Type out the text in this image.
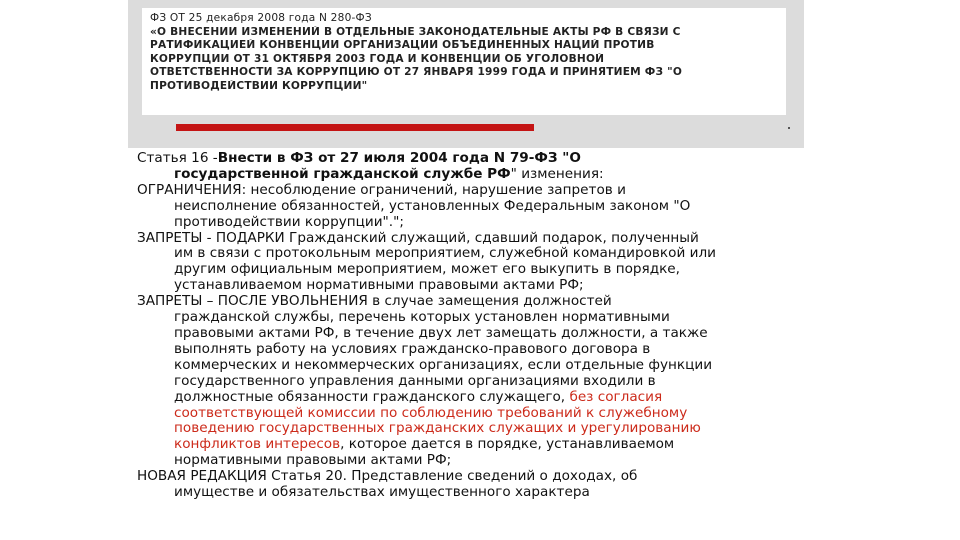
ФЗ ОТ 25 декабря 2008 года N 280-ФЗ
«О ВНЕСЕНИИ ИЗМЕНЕНИЙ В ОТДЕЛЬНЫЕ ЗАКОНОДАТЕЛЬНЫЕ АКТЫ РФ В СВЯЗИ С
РАТИФИКАЦИЕЙ КОНВЕНЦИИ ОРГАНИЗАЦИИ ОБЪЕДИНЕННЫХ НАЦИЙ ПРОТИВ
КОРРУПЦИИ ОТ 31 ОКТЯБРЯ 2003 ГОДА И КОНВЕНЦИИ ОБ УГОЛОВНОЙ
ОТВЕТСТВЕННОСТИ ЗА КОРРУПЦИЮ ОТ 27 ЯНВАРЯ 1999 ГОДА И ПРИНЯТИЕМ ФЗ "О
ПРОТИВОДЕЙСТВИИ КОРРУПЦИИ"
Статья 16 -Внести в ФЗ от 27 июля 2004 года N 79-ФЗ "О
государственной гражданской службе РФ" изменения:
ОГРАНИЧЕНИЯ: несоблюдение ограничений, нарушение запретов и
неисполнение обязанностей, установленных Федеральным законом "О
противодействии коррупции".";
ЗАПРЕТЫ - ПОДАРКИ Гражданский служащий, сдавший подарок, полученный
им в связи с протокольным мероприятием, служебной командировкой или
другим официальным мероприятием, может его выкупить в порядке,
устанавливаемом нормативными правовыми актами РФ;
ЗАПРЕТЫ – ПОСЛЕ УВОЛЬНЕНИЯ в случае замещения должностей
гражданской службы, перечень которых установлен нормативными
правовыми актами РФ, в течение двух лет замещать должности, а также
выполнять работу на условиях гражданско-правового договора в
коммерческих и некоммерческих организациях, если отдельные функции
государственного управления данными организациями входили в
должностные обязанности гражданского служащего, без согласия
соответствующей комиссии по соблюдению требований к служебному
поведению государственных гражданских служащих и урегулированию
конфликтов интересов, которое дается в порядке, устанавливаемом
нормативными правовыми актами РФ;
НОВАЯ РЕДАКЦИЯ Статья 20. Представление сведений о доходах, об
имуществе и обязательствах имущественного характера
